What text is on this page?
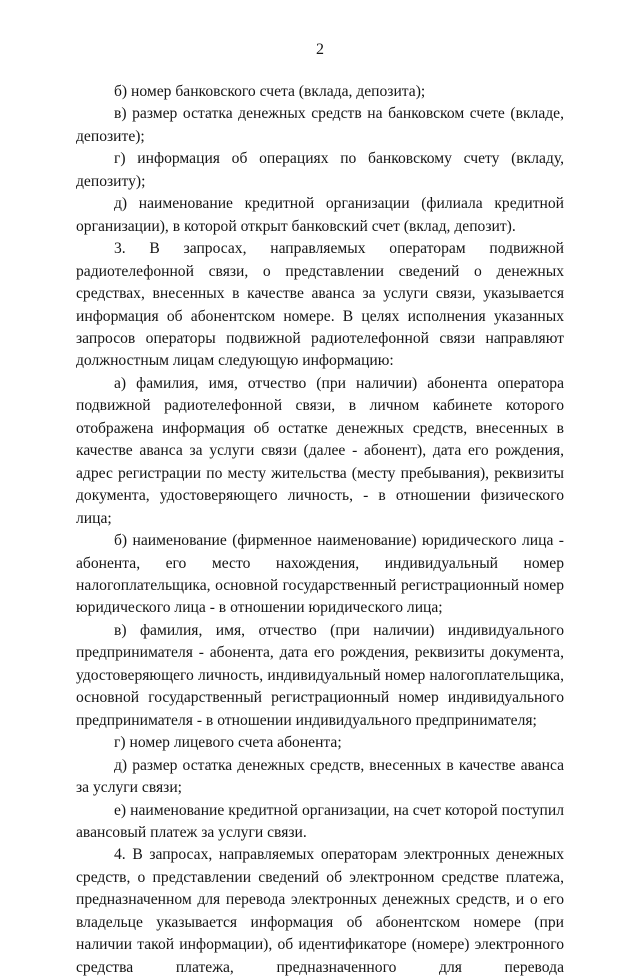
2

б) номер банковского счета (вклада, депозита);

в) размер остатка денежных средств на банковском счете (вкладе, депозите);

г) информация об операциях по банковскому счету (вкладу, депозиту);

д) наименование кредитной организации (филиала кредитной организации), в которой открыт банковский счет (вклад, депозит).

3. В запросах, направляемых операторам подвижной радиотелефонной связи, о представлении сведений о денежных средствах, внесенных в качестве аванса за услуги связи, указывается информация об абонентском номере. В целях исполнения указанных запросов операторы подвижной радиотелефонной связи направляют должностным лицам следующую информацию:

а) фамилия, имя, отчество (при наличии) абонента оператора подвижной радиотелефонной связи, в личном кабинете которого отображена информация об остатке денежных средств, внесенных в качестве аванса за услуги связи (далее - абонент), дата его рождения, адрес регистрации по месту жительства (месту пребывания), реквизиты документа, удостоверяющего личность, - в отношении физического лица;

б) наименование (фирменное наименование) юридического лица - абонента, его место нахождения, индивидуальный номер налогоплательщика, основной государственный регистрационный номер юридического лица - в отношении юридического лица;

в) фамилия, имя, отчество (при наличии) индивидуального предпринимателя - абонента, дата его рождения, реквизиты документа, удостоверяющего личность, индивидуальный номер налогоплательщика, основной государственный регистрационный номер индивидуального предпринимателя - в отношении индивидуального предпринимателя;

г) номер лицевого счета абонента;

д) размер остатка денежных средств, внесенных в качестве аванса за услуги связи;

е) наименование кредитной организации, на счет которой поступил авансовый платеж за услуги связи.

4. В запросах, направляемых операторам электронных денежных средств, о представлении сведений об электронном средстве платежа, предназначенном для перевода электронных денежных средств, и о его владельце указывается информация об абонентском номере (при наличии такой информации), об идентификаторе (номере) электронного средства платежа, предназначенного для перевода
